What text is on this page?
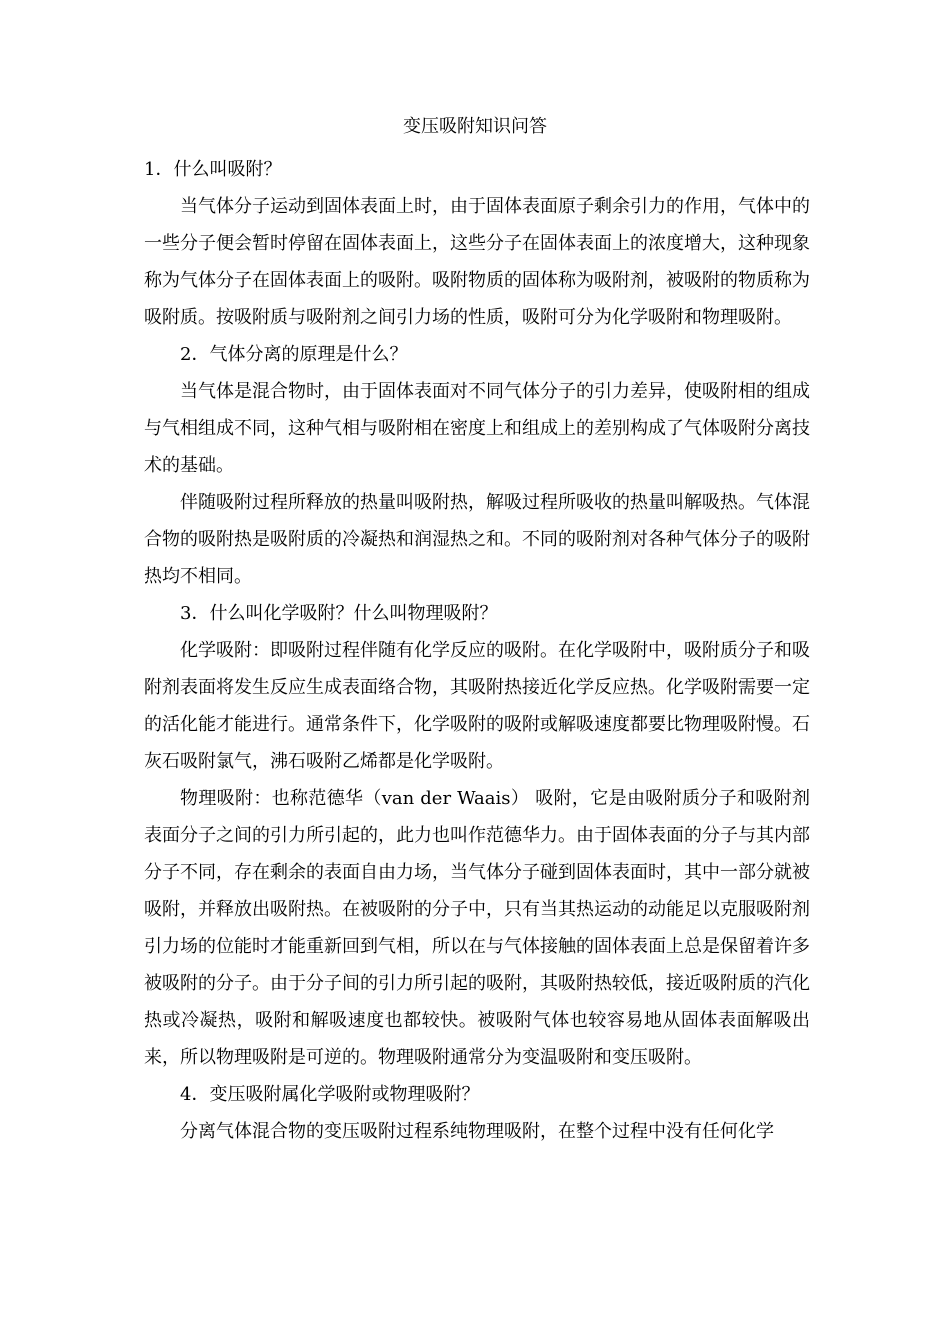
变压吸附知识问答

1．什么叫吸附？

当气体分子运动到固体表面上时，由于固体表面原子剩余引力的作用，气体中的一些分子便会暂时停留在固体表面上，这些分子在固体表面上的浓度增大，这种现象称为气体分子在固体表面上的吸附。吸附物质的固体称为吸附剂，被吸附的物质称为吸附质。按吸附质与吸附剂之间引力场的性质，吸附可分为化学吸附和物理吸附。

2．气体分离的原理是什么？

当气体是混合物时，由于固体表面对不同气体分子的引力差异，使吸附相的组成与气相组成不同，这种气相与吸附相在密度上和组成上的差别构成了气体吸附分离技术的基础。

伴随吸附过程所释放的热量叫吸附热，解吸过程所吸收的热量叫解吸热。气体混合物的吸附热是吸附质的冷凝热和润湿热之和。不同的吸附剂对各种气体分子的吸附热均不相同。

3．什么叫化学吸附？什么叫物理吸附？

化学吸附：即吸附过程伴随有化学反应的吸附。在化学吸附中，吸附质分子和吸附剂表面将发生反应生成表面络合物，其吸附热接近化学反应热。化学吸附需要一定的活化能才能进行。通常条件下，化学吸附的吸附或解吸速度都要比物理吸附慢。石灰石吸附氯气，沸石吸附乙烯都是化学吸附。

物理吸附：也称范德华（van der Waais） 吸附，它是由吸附质分子和吸附剂表面分子之间的引力所引起的，此力也叫作范德华力。由于固体表面的分子与其内部分子不同，存在剩余的表面自由力场，当气体分子碰到固体表面时，其中一部分就被吸附，并释放出吸附热。在被吸附的分子中，只有当其热运动的动能足以克服吸附剂引力场的位能时才能重新回到气相，所以在与气体接触的固体表面上总是保留着许多被吸附的分子。由于分子间的引力所引起的吸附，其吸附热较低，接近吸附质的汽化热或冷凝热，吸附和解吸速度也都较快。被吸附气体也较容易地从固体表面解吸出来，所以物理吸附是可逆的。物理吸附通常分为变温吸附和变压吸附。

4．变压吸附属化学吸附或物理吸附？

分离气体混合物的变压吸附过程系纯物理吸附，在整个过程中没有任何化学
